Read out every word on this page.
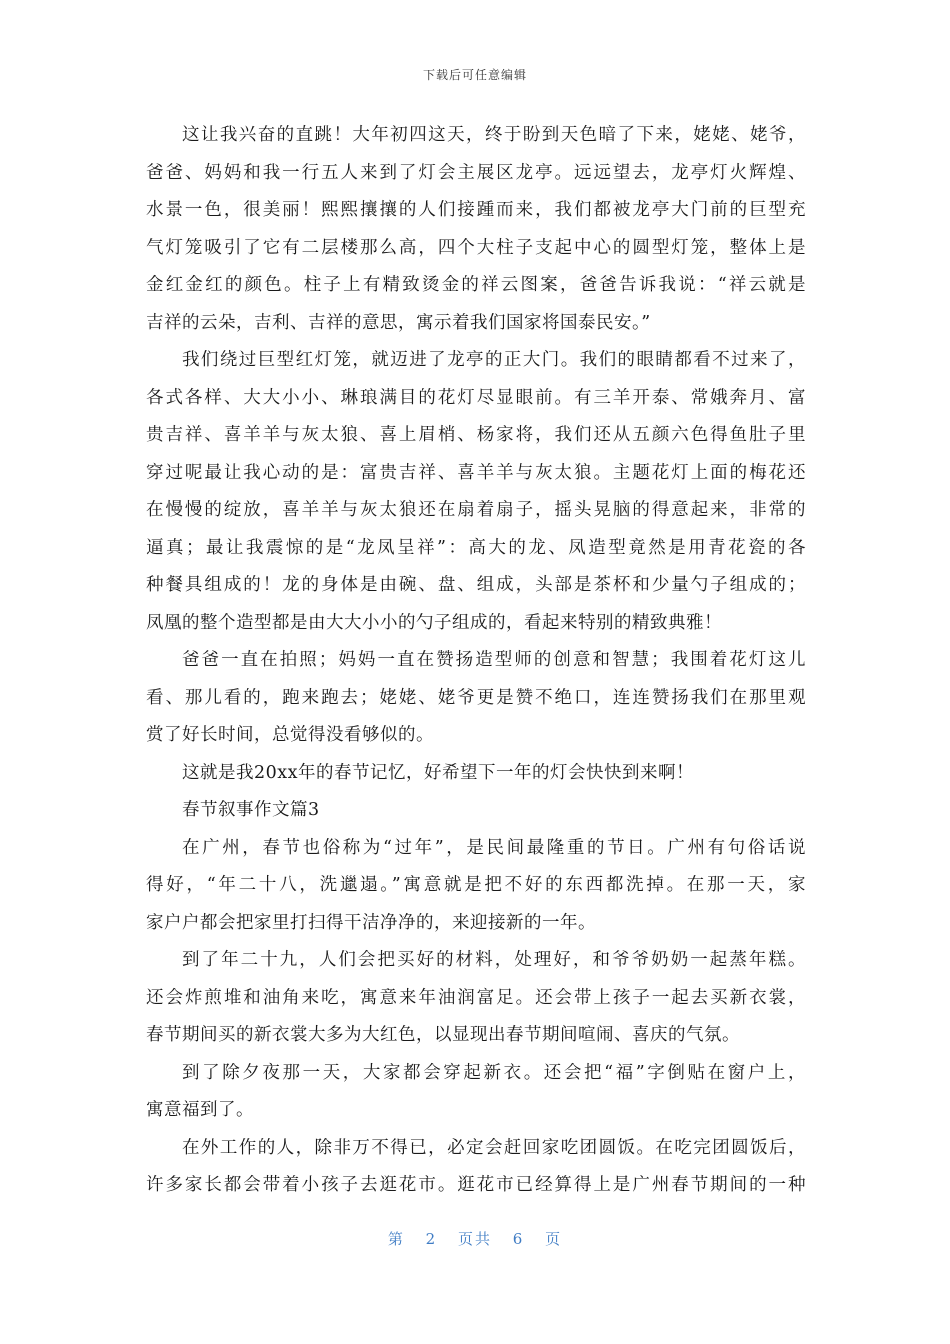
下载后可任意编辑
这让我兴奋的直跳！大年初四这天，终于盼到天色暗了下来，姥姥、姥爷，
爸爸、妈妈和我一行五人来到了灯会主展区龙亭。远远望去，龙亭灯火辉煌、
水景一色，很美丽！熙熙攘攘的人们接踵而来，我们都被龙亭大门前的巨型充
气灯笼吸引了它有二层楼那么高，四个大柱子支起中心的圆型灯笼，整体上是
金红金红的颜色。柱子上有精致烫金的祥云图案，爸爸告诉我说：“祥云就是
吉祥的云朵，吉利、吉祥的意思，寓示着我们国家将国泰民安。”
我们绕过巨型红灯笼，就迈进了龙亭的正大门。我们的眼睛都看不过来了，
各式各样、大大小小、琳琅满目的花灯尽显眼前。有三羊开泰、常娥奔月、富
贵吉祥、喜羊羊与灰太狼、喜上眉梢、杨家将，我们还从五颜六色得鱼肚子里
穿过呢最让我心动的是：富贵吉祥、喜羊羊与灰太狼。主题花灯上面的梅花还
在慢慢的绽放，喜羊羊与灰太狼还在扇着扇子，摇头晃脑的得意起来，非常的
逼真；最让我震惊的是“龙凤呈祥”：高大的龙、凤造型竟然是用青花瓷的各
种餐具组成的！龙的身体是由碗、盘、组成，头部是茶杯和少量勺子组成的；
凤凰的整个造型都是由大大小小的勺子组成的，看起来特别的精致典雅！
爸爸一直在拍照；妈妈一直在赞扬造型师的创意和智慧；我围着花灯这儿
看、那儿看的，跑来跑去；姥姥、姥爷更是赞不绝口，连连赞扬我们在那里观
赏了好长时间，总觉得没看够似的。
这就是我20xx年的春节记忆，好希望下一年的灯会快快到来啊！
春节叙事作文篇3
在广州，春节也俗称为“过年”，是民间最隆重的节日。广州有句俗话说
得好，“年二十八，洗邋遢。”寓意就是把不好的东西都洗掉。在那一天，家
家户户都会把家里打扫得干洁净净的，来迎接新的一年。
到了年二十九，人们会把买好的材料，处理好，和爷爷奶奶一起蒸年糕。
还会炸煎堆和油角来吃，寓意来年油润富足。还会带上孩子一起去买新衣裳，
春节期间买的新衣裳大多为大红色，以显现出春节期间喧闹、喜庆的气氛。
到了除夕夜那一天，大家都会穿起新衣。还会把“福”字倒贴在窗户上，
寓意福到了。
在外工作的人，除非万不得已，必定会赶回家吃团圆饭。在吃完团圆饭后，
许多家长都会带着小孩子去逛花市。逛花市已经算得上是广州春节期间的一种
第 2 页共 6 页
